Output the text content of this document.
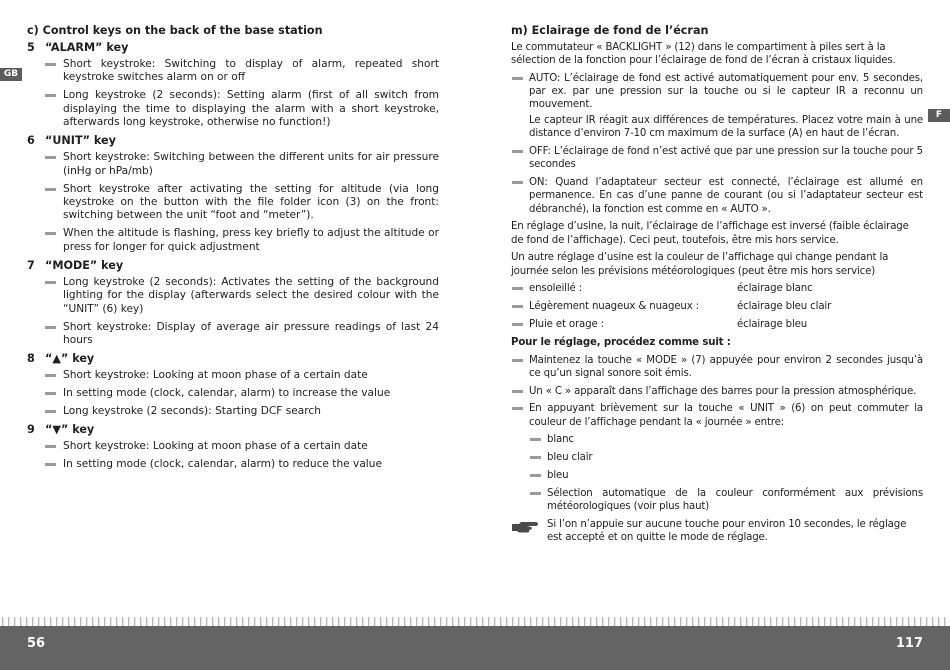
GB
F
c) Control keys on the back of the base station
5 “ALARM” key
Short keystroke: Switching to display of alarm, repeated short keystroke switches alarm on or off
Long keystroke (2 seconds): Setting alarm (first of all switch from displaying the time to displaying the alarm with a short keystroke, afterwards long keystroke, otherwise no function!)
6 “UNIT” key
Short keystroke: Switching between the different units for air pressure (inHg or hPa/mb)
Short keystroke after activating the setting for altitude (via long keystroke on the button with the file folder icon (3) on the front: switching between the unit “foot and “meter”).
When the altitude is flashing, press key briefly to adjust the altitude or press for longer for quick adjustment
7 “MODE” key
Long keystroke (2 seconds): Activates the setting of the background lighting for the display (afterwards select the desired colour with the “UNIT” (6) key)
Short keystroke: Display of average air pressure readings of last 24 hours
8 “▲” key
Short keystroke: Looking at moon phase of a certain date
In setting mode (clock, calendar, alarm) to increase the value
Long keystroke (2 seconds): Starting DCF search
9 “▼” key
Short keystroke: Looking at moon phase of a certain date
In setting mode (clock, calendar, alarm) to reduce the value
m) Eclairage de fond de l’écran
Le commutateur « BACKLIGHT » (12) dans le compartiment à piles sert à la sélection de la fonction pour l’éclairage de fond de l’écran à cristaux liquides.
AUTO: L’éclairage de fond est activé automatiquement pour env. 5 secondes, par ex. par une pression sur la touche ou si le capteur IR a reconnu un mouvement.
Le capteur IR réagit aux différences de températures. Placez votre main à une distance d’environ 7-10 cm maximum de la surface (A) en haut de l’écran.
OFF: L’éclairage de fond n’est activé que par une pression sur la touche pour 5 secondes
ON: Quand l’adaptateur secteur est connecté, l’éclairage est allumé en permanence. En cas d’une panne de courant (ou si l’adaptateur secteur est débranché), la fonction est comme en « AUTO ».
En réglage d’usine, la nuit, l’éclairage de l’affichage est inversé (faible éclairage de fond de l’affichage). Ceci peut, toutefois, être mis hors service.
Un autre réglage d’usine est la couleur de l’affichage qui change pendant la journée selon les prévisions météorologiques (peut être mis hors service)
ensoleillé :	éclairage blanc
Légèrement nuageux & nuageux :	éclairage bleu clair
Pluie et orage :	éclairage bleu
Pour le réglage, procédez comme suit :
Maintenez la touche « MODE » (7) appuyée pour environ 2 secondes jusqu’à ce qu’un signal sonore soit émis.
Un « C » apparaît dans l’affichage des barres pour la pression atmosphérique.
En appuyant brièvement sur la touche « UNIT » (6) on peut commuter la couleur de l’affichage pendant la « journée » entre:
blanc
bleu clair
bleu
Sélection automatique de la couleur conformément aux prévisions météorologiques (voir plus haut)
Si l’on n’appuie sur aucune touche pour environ 10 secondes, le réglage est accepté et on quitte le mode de réglage.
56	117
